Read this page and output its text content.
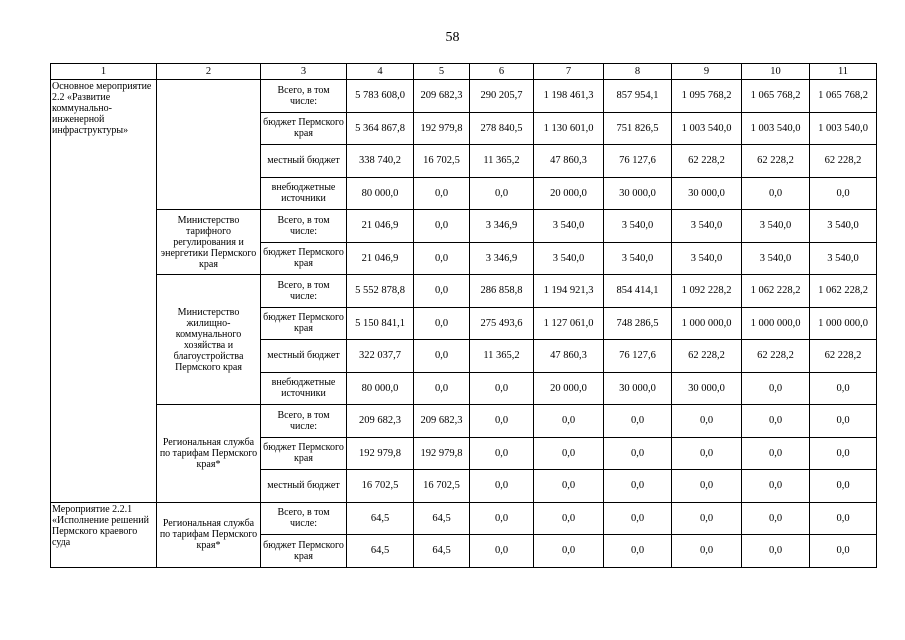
58
1	2	3	4	5	6	7	8	9	10	11
Основное мероприятие 2.2 «Развитие коммунально-инженерной инфраструктуры»		Всего, в том числе:	5 783 608,0	209 682,3	290 205,7	1 198 461,3	857 954,1	1 095 768,2	1 065 768,2	1 065 768,2
		бюджет Пермского края	5 364 867,8	192 979,8	278 840,5	1 130 601,0	751 826,5	1 003 540,0	1 003 540,0	1 003 540,0
		местный бюджет	338 740,2	16 702,5	11 365,2	47 860,3	76 127,6	62 228,2	62 228,2	62 228,2
		внебюджетные источники	80 000,0	0,0	0,0	20 000,0	30 000,0	30 000,0	0,0	0,0
	Министерство тарифного регулирования и энергетики Пермского края	Всего, в том числе:	21 046,9	0,0	3 346,9	3 540,0	3 540,0	3 540,0	3 540,0	3 540,0
		бюджет Пермского края	21 046,9	0,0	3 346,9	3 540,0	3 540,0	3 540,0	3 540,0	3 540,0
	Министерство жилищно-коммунального хозяйства и благоустройства Пермского края	Всего, в том числе:	5 552 878,8	0,0	286 858,8	1 194 921,3	854 414,1	1 092 228,2	1 062 228,2	1 062 228,2
		бюджет Пермского края	5 150 841,1	0,0	275 493,6	1 127 061,0	748 286,5	1 000 000,0	1 000 000,0	1 000 000,0
		местный бюджет	322 037,7	0,0	11 365,2	47 860,3	76 127,6	62 228,2	62 228,2	62 228,2
		внебюджетные источники	80 000,0	0,0	0,0	20 000,0	30 000,0	30 000,0	0,0	0,0
	Региональная служба по тарифам Пермского края*	Всего, в том числе:	209 682,3	209 682,3	0,0	0,0	0,0	0,0	0,0	0,0
		бюджет Пермского края	192 979,8	192 979,8	0,0	0,0	0,0	0,0	0,0	0,0
		местный бюджет	16 702,5	16 702,5	0,0	0,0	0,0	0,0	0,0	0,0
Мероприятие 2.2.1 «Исполнение решений Пермского краевого суда	Региональная служба по тарифам Пермского края*	Всего, в том числе:	64,5	64,5	0,0	0,0	0,0	0,0	0,0	0,0
		бюджет Пермского края	64,5	64,5	0,0	0,0	0,0	0,0	0,0	0,0
